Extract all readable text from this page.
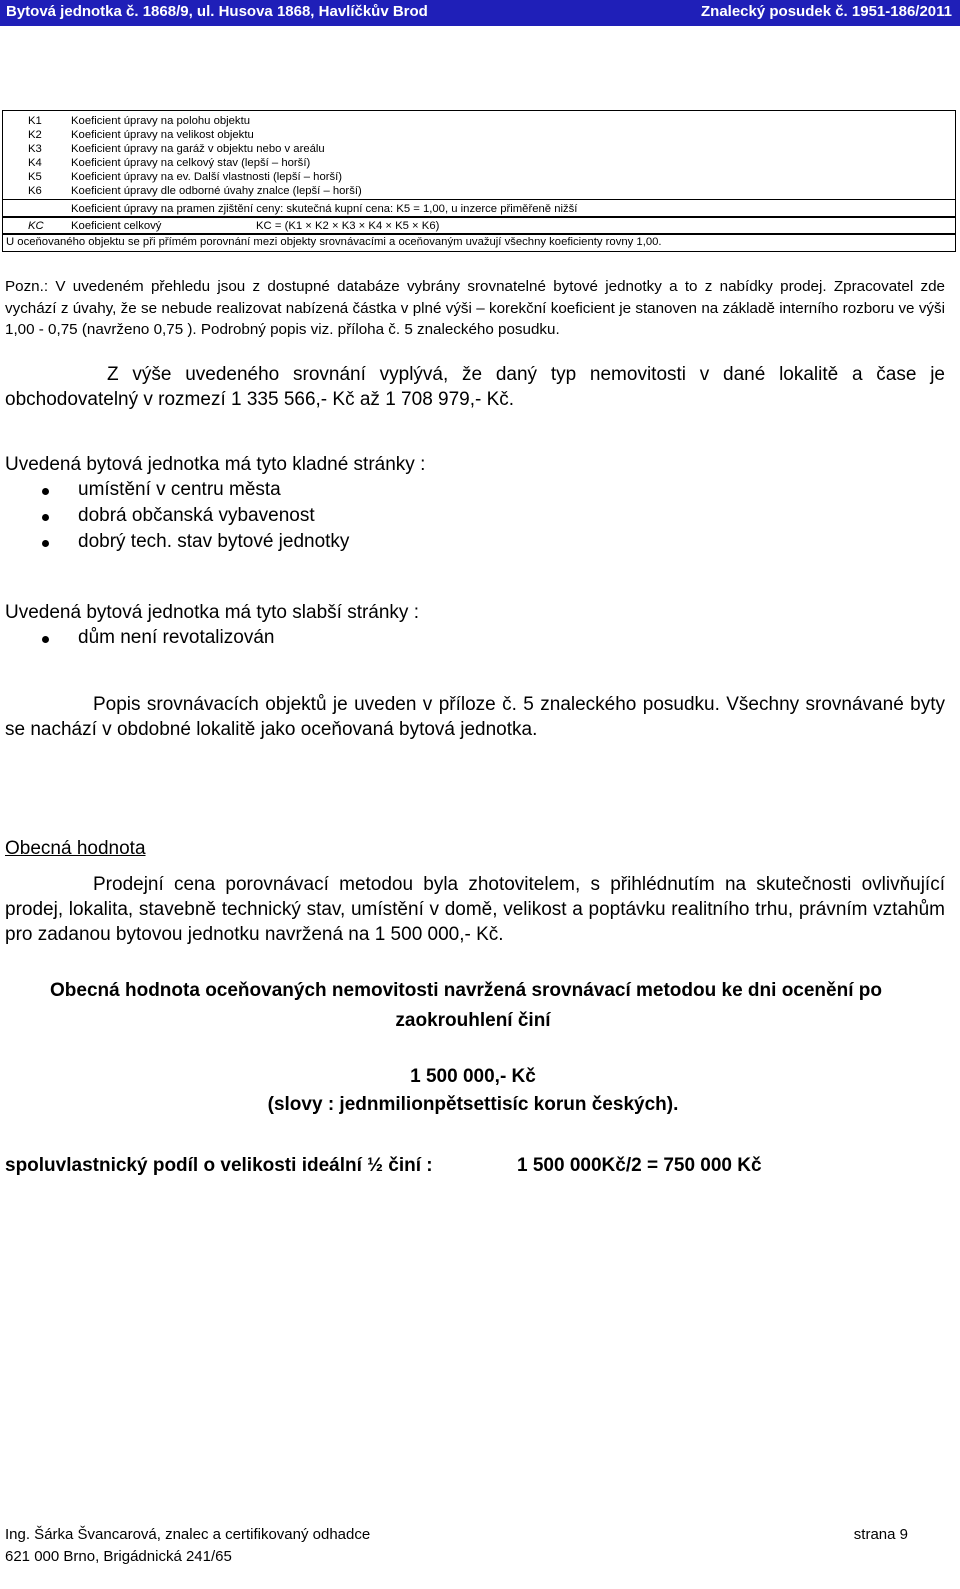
Bytová jednotka č. 1868/9, ul. Husova 1868, Havlíčkův Brod	Znalecký posudek č. 1951-186/2011
K1	Koeficient úpravy na polohu objektu
K2	Koeficient úpravy na velikost objektu
K3	Koeficient úpravy na garáž v objektu nebo v areálu
K4	Koeficient úpravy na celkový stav (lepší – horší)
K5	Koeficient úpravy na ev. Další vlastnosti (lepší – horší)
K6	Koeficient úpravy dle odborné úvahy znalce (lepší – horší)
Koeficient úpravy na pramen zjištění ceny: skutečná kupní cena: K5 = 1,00, u inzerce přiměřeně nižší
KC Koeficient celkový	KC = (K1 × K2 × K3 × K4 × K5 × K6)
U oceňovaného objektu se při přímém porovnání mezi objekty srovnávacími a oceňovaným uvažují všechny koeficienty rovny 1,00.
Pozn.: V uvedeném přehledu jsou z dostupné databáze vybrány srovnatelné bytové jednotky a to z nabídky prodej. Zpracovatel zde vychází z úvahy, že se nebude realizovat nabízená částka v plné výši – korekční koeficient je stanoven na základě interního rozboru ve výši 1,00 - 0,75 (navrženo 0,75 ). Podrobný popis viz. příloha č. 5 znaleckého posudku.
Z výše uvedeného srovnání vyplývá, že daný typ nemovitosti v dané lokalitě a čase je obchodovatelný v rozmezí 1 335 566,- Kč až 1 708 979,- Kč.
Uvedená bytová jednotka má tyto kladné stránky :
umístění v centru města
dobrá občanská vybavenost
dobrý tech. stav bytové jednotky
Uvedená bytová jednotka má tyto slabší stránky :
dům není revotalizován
Popis srovnávacích objektů je uveden v příloze č. 5 znaleckého posudku. Všechny srovnávané byty se nachází v obdobné lokalitě jako oceňovaná bytová jednotka.
Obecná hodnota
Prodejní cena porovnávací metodou byla zhotovitelem, s přihlédnutím na skutečnosti ovlivňující prodej, lokalita, stavebně technický stav, umístění v domě, velikost a poptávku realitního trhu, právním vztahům pro zadanou bytovou jednotku navržená na 1 500 000,- Kč.
Obecná hodnota oceňovaných nemovitosti navržená srovnávací metodou ke dni ocenění po
zaokrouhlení činí
1 500 000,- Kč
(slovy : jednmilionpětsettisíc korun českých).
spoluvlastnický podíl o velikosti ideální ½ činí :	1 500 000Kč/2 = 750 000 Kč
Ing. Šárka Švancarová, znalec a certifikovaný odhadce
621 000 Brno, Brigádnická 241/65
strana 9
